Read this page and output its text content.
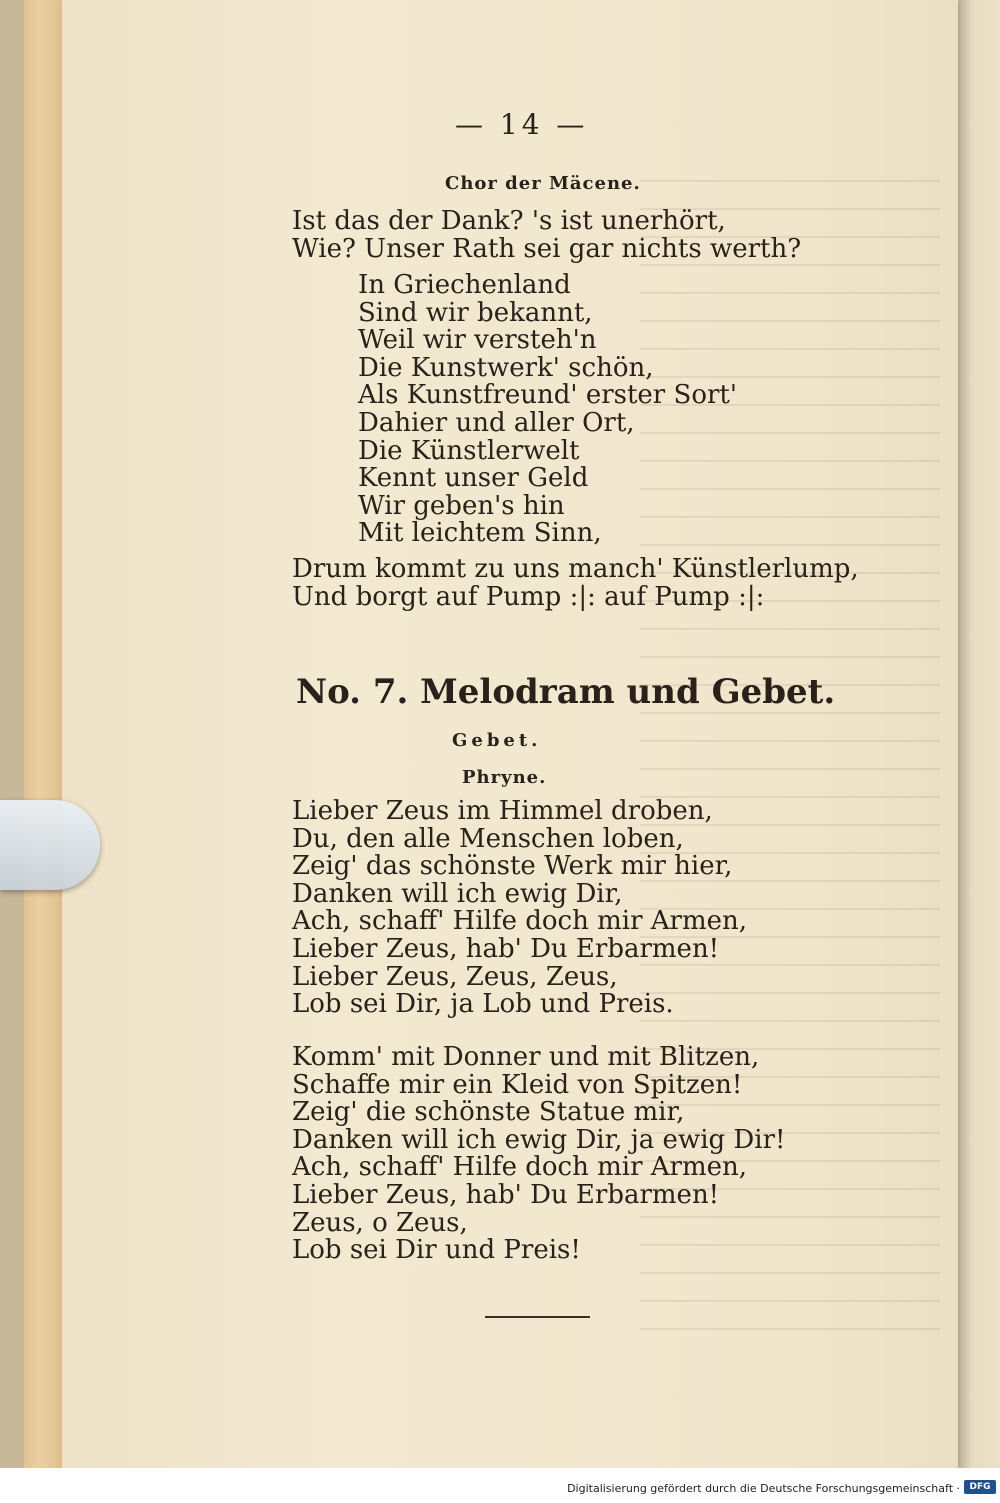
— 14 —
Chor der Mäcene.
Ist das der Dank? 's ist unerhört,
Wie? Unser Rath sei gar nichts werth?
In Griechenland
Sind wir bekannt,
Weil wir versteh'n
Die Kunstwerk' schön,
Als Kunstfreund' erster Sort'
Dahier und aller Ort,
Die Künstlerwelt
Kennt unser Geld
Wir geben's hin
Mit leichtem Sinn,
Drum kommt zu uns manch' Künstlerlump,
Und borgt auf Pump :|: auf Pump :|:
No. 7. Melodram und Gebet.
Gebet.
Phryne.
Lieber Zeus im Himmel droben,
Du, den alle Menschen loben,
Zeig' das schönste Werk mir hier,
Danken will ich ewig Dir,
Ach, schaff' Hilfe doch mir Armen,
Lieber Zeus, hab' Du Erbarmen!
Lieber Zeus, Zeus, Zeus,
Lob sei Dir, ja Lob und Preis.
Komm' mit Donner und mit Blitzen,
Schaffe mir ein Kleid von Spitzen!
Zeig' die schönste Statue mir,
Danken will ich ewig Dir, ja ewig Dir!
Ach, schaff' Hilfe doch mir Armen,
Lieber Zeus, hab' Du Erbarmen!
Zeus, o Zeus,
Lob sei Dir und Preis!
Digitalisierung gefördert durch die Deutsche Forschungsgemeinschaft ·	DFG
